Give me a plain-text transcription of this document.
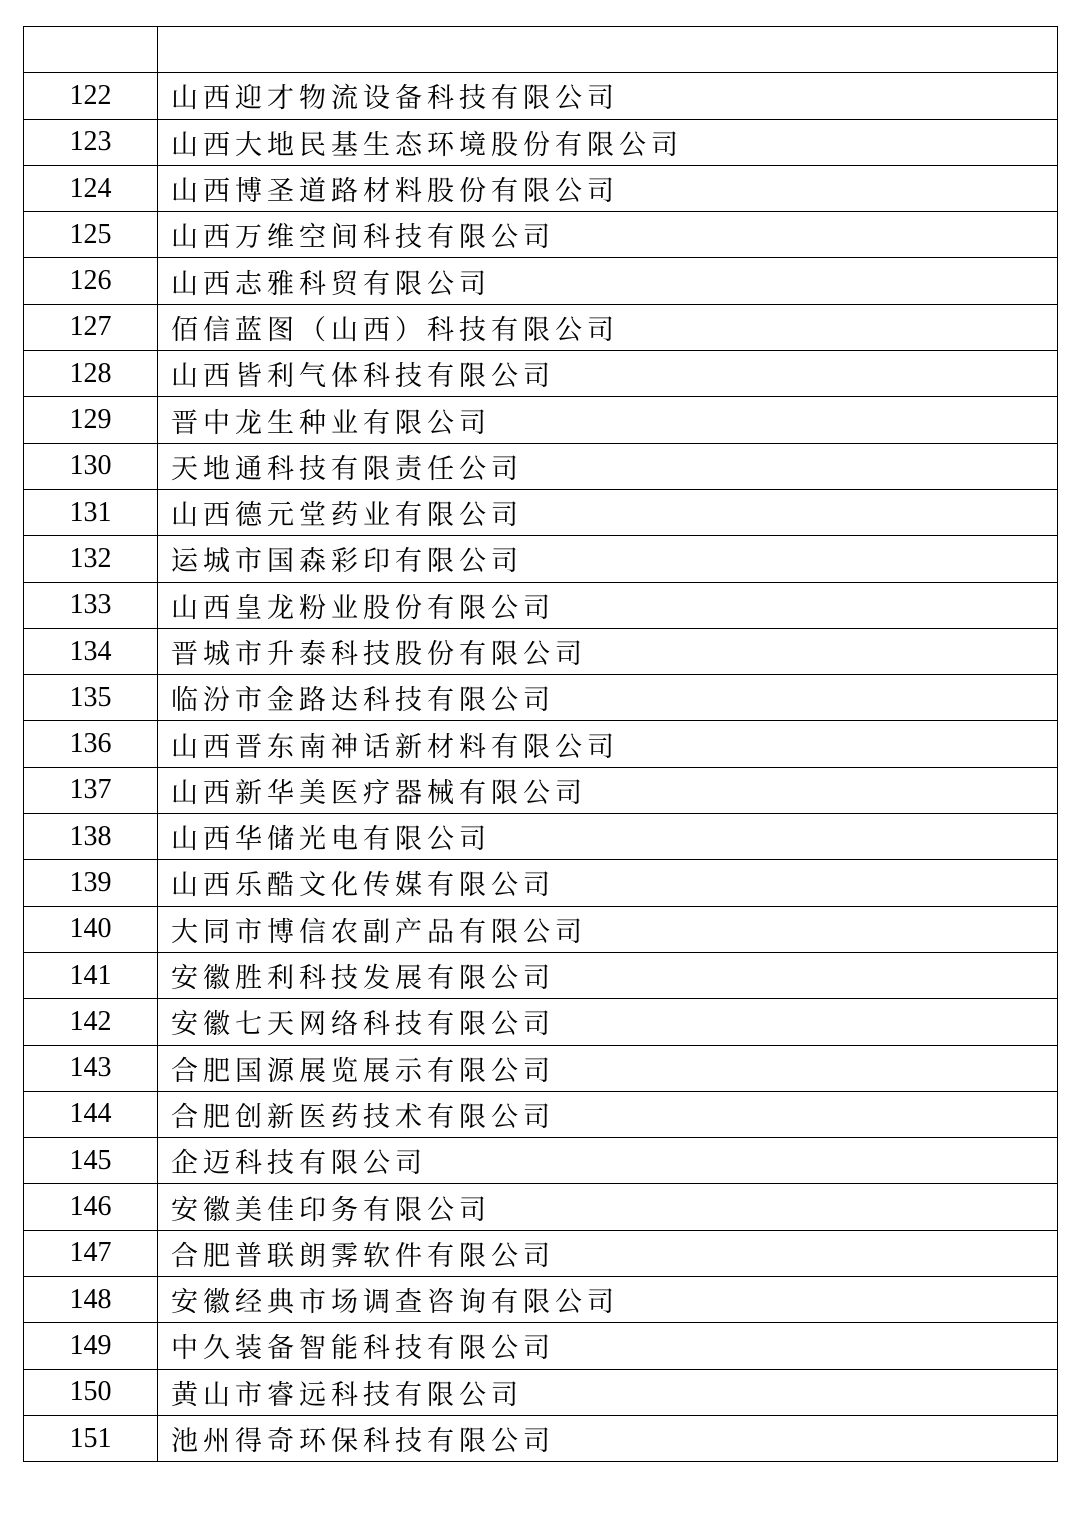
122	山西迎才物流设备科技有限公司
123	山西大地民基生态环境股份有限公司
124	山西博圣道路材料股份有限公司
125	山西万维空间科技有限公司
126	山西志雅科贸有限公司
127	佰信蓝图（山西）科技有限公司
128	山西皆利气体科技有限公司
129	晋中龙生种业有限公司
130	天地通科技有限责任公司
131	山西德元堂药业有限公司
132	运城市国森彩印有限公司
133	山西皇龙粉业股份有限公司
134	晋城市升泰科技股份有限公司
135	临汾市金路达科技有限公司
136	山西晋东南神话新材料有限公司
137	山西新华美医疗器械有限公司
138	山西华储光电有限公司
139	山西乐酷文化传媒有限公司
140	大同市博信农副产品有限公司
141	安徽胜利科技发展有限公司
142	安徽七天网络科技有限公司
143	合肥国源展览展示有限公司
144	合肥创新医药技术有限公司
145	企迈科技有限公司
146	安徽美佳印务有限公司
147	合肥普联朗霁软件有限公司
148	安徽经典市场调查咨询有限公司
149	中久装备智能科技有限公司
150	黄山市睿远科技有限公司
151	池州得奇环保科技有限公司
